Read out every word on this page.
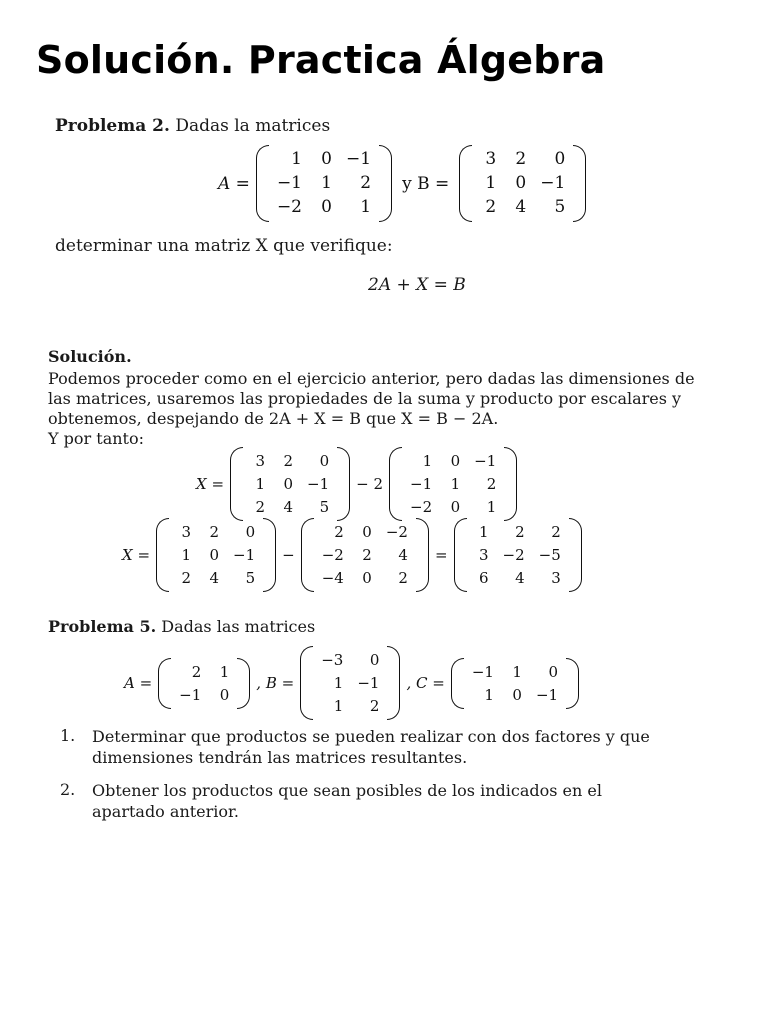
Solución. Practica Álgebra
Problema 2. Dadas la matrices
A =
1	0 −1
−1	1	2
−2	0	1
y B =
3	2	0
1	0 −1
2	4	5
determinar una matriz X que verifique:
2A + X = B
Solución.
Podemos proceder como en el ejercicio anterior, pero dadas las dimensiones de
las matrices, usaremos las propiedades de la suma y producto por escalares y
obtenemos, despejando de 2A + X = B que X = B − 2A.
Y por tanto:
X =
3 2	0
1 0 −1
2 4	5
− 2
1 0 −1
−1 1	2
−2 0	1
X =
3 2	0
1 0 −1
2 4	5
−
2 0 −2
−2 2	4
−4 0	2
=
1	2	2
3 −2 −5
6	4	3
Problema 5. Dadas las matrices
A =
2 1
−1 0
, B =
−3	0
1 −1
1	2
, C =
−1 1	0
1 0 −1
1. Determinar que productos se pueden realizar con dos factores y que dimensiones tendrán las matrices resultantes.
2. Obtener los productos que sean posibles de los indicados en el apartado anterior.
